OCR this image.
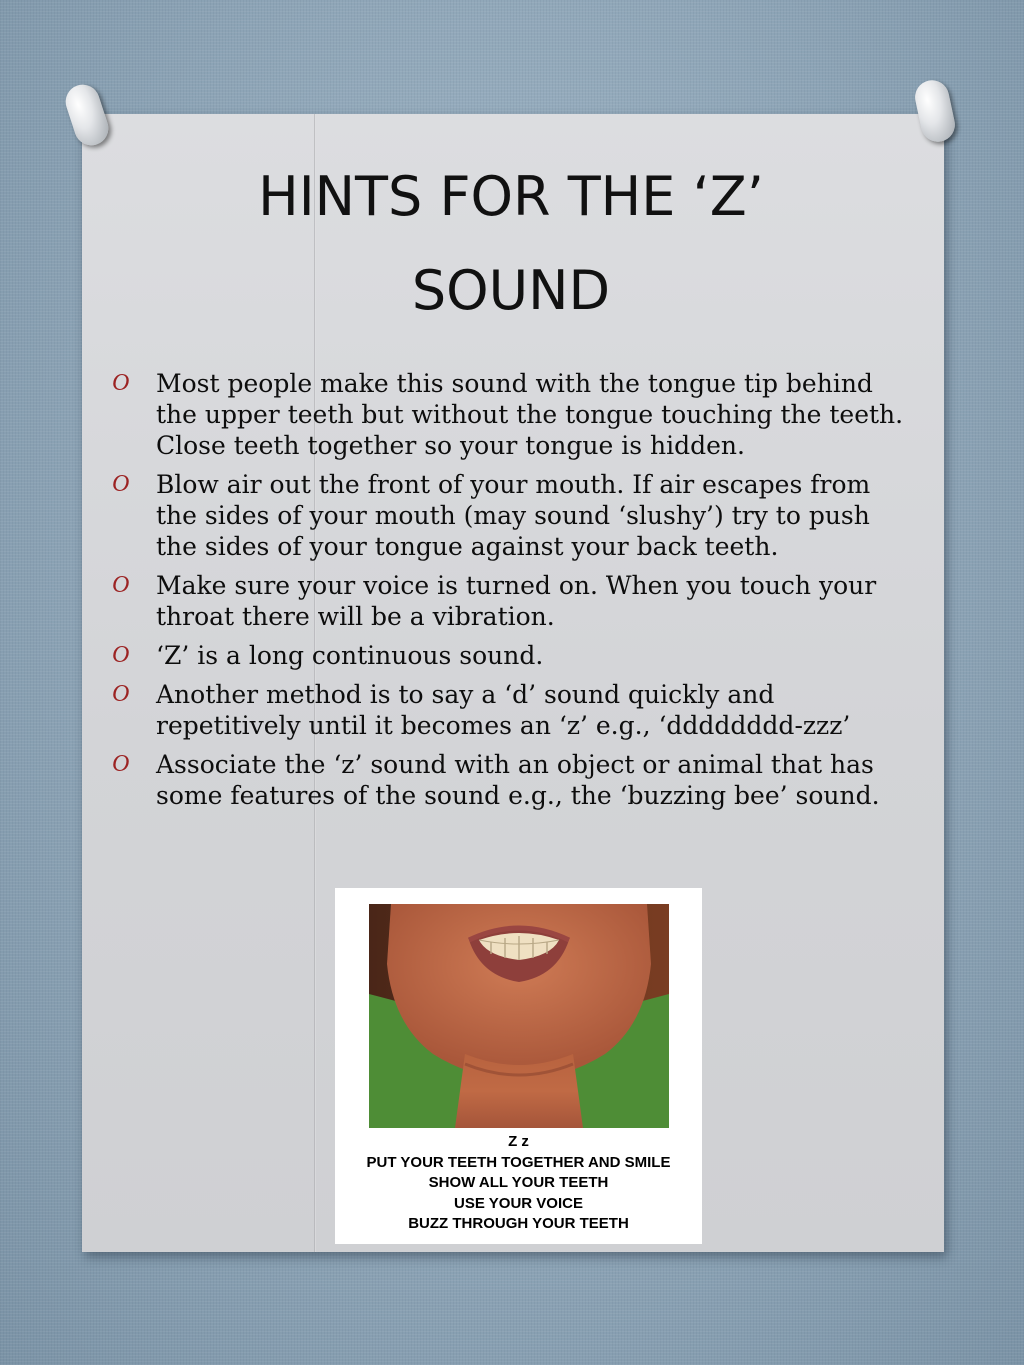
HINTS FOR THE ‘Z’
SOUND
O Most people make this sound with the tongue tip behind the upper teeth but without the tongue touching the teeth. Close teeth together so your tongue is hidden.
O Blow air out the front of your mouth. If air escapes from the sides of your mouth (may sound ‘slushy’) try to push the sides of your tongue against your back teeth.
O Make sure your voice is turned on. When you touch your throat there will be a vibration.
O ‘Z’ is a long continuous sound.
O Another method is to say a ‘d’ sound quickly and repetitively until it becomes an ‘z’ e.g., ‘dddddddd-zzz’
O Associate the ‘z’ sound with an object or animal that has some features of the sound e.g., the ‘buzzing bee’ sound.
Z z
PUT YOUR TEETH TOGETHER AND SMILE
SHOW ALL YOUR TEETH
USE YOUR VOICE
BUZZ THROUGH YOUR TEETH
